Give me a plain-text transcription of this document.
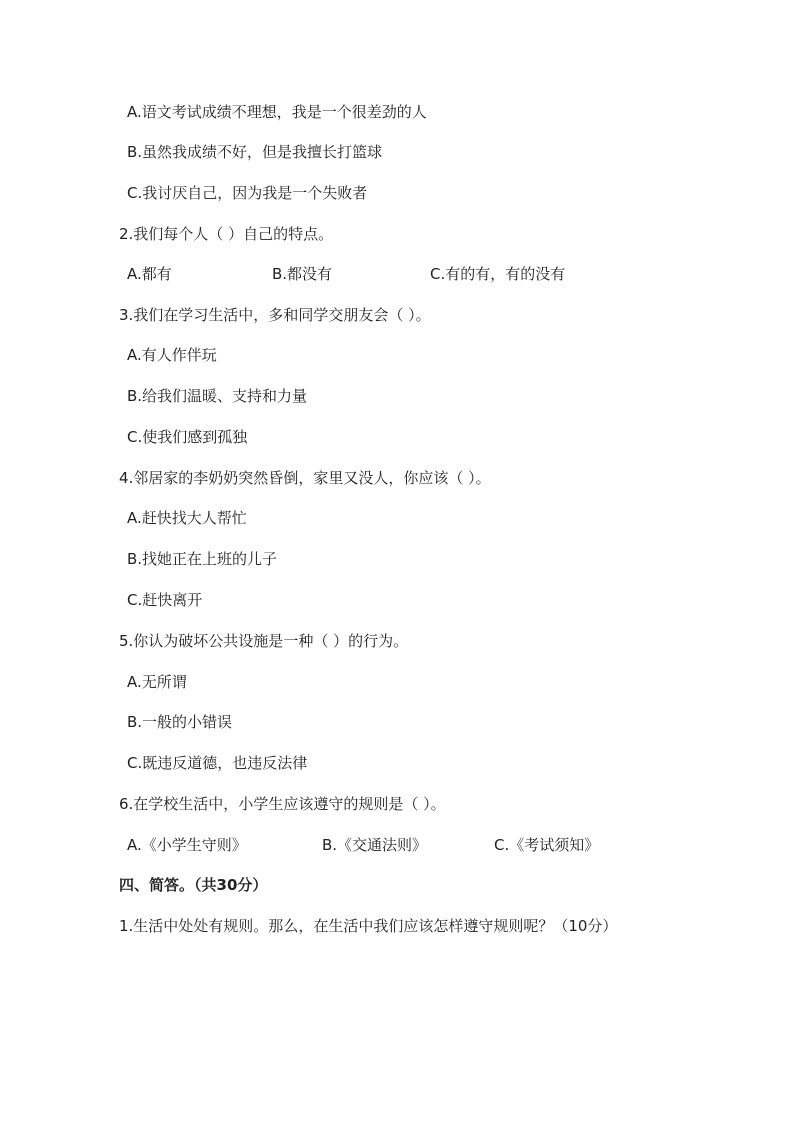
A.语文考试成绩不理想，我是一个很差劲的人
B.虽然我成绩不好，但是我擅长打篮球
C.我讨厌自己，因为我是一个失败者
2.我们每个人（ ）自己的特点。
A.都有	B.都没有	C.有的有，有的没有
3.我们在学习生活中，多和同学交朋友会（ ）。
A.有人作伴玩
B.给我们温暖、支持和力量
C.使我们感到孤独
4.邻居家的李奶奶突然昏倒，家里又没人，你应该（ ）。
A.赶快找大人帮忙
B.找她正在上班的儿子
C.赶快离开
5.你认为破坏公共设施是一种（ ）的行为。
A.无所谓
B.一般的小错误
C.既违反道德，也违反法律
6.在学校生活中，小学生应该遵守的规则是（ ）。
A.《小学生守则》	B.《交通法则》	C.《考试须知》
四、简答。（共30分）
1.生活中处处有规则。那么，在生活中我们应该怎样遵守规则呢？（10分）
